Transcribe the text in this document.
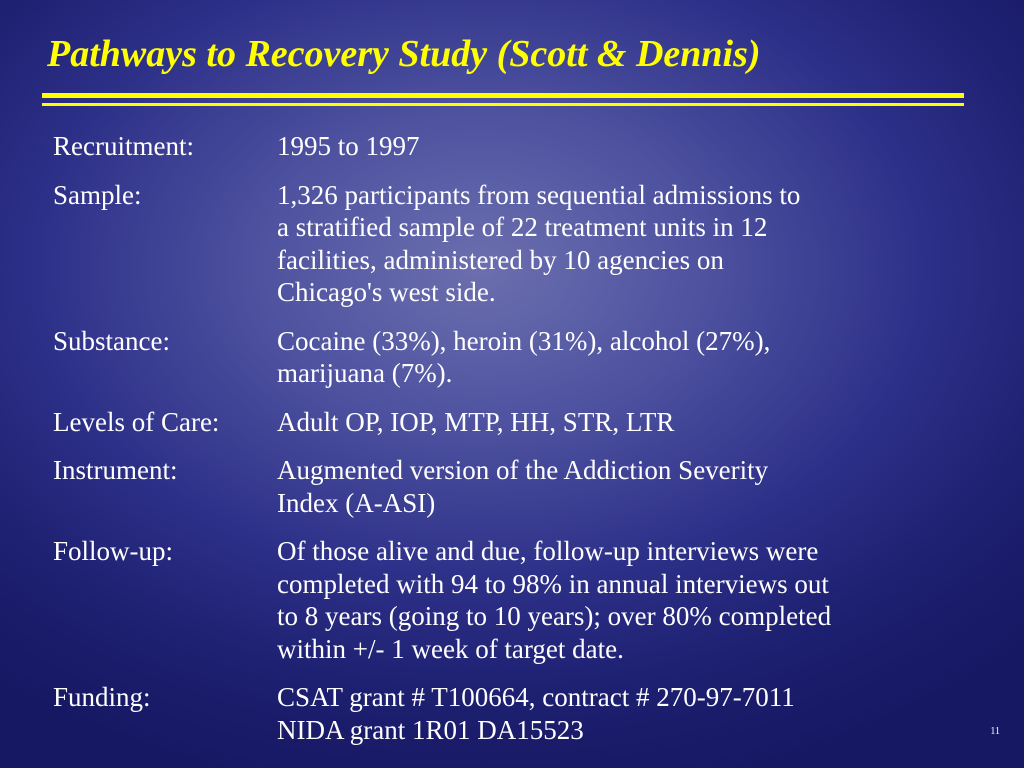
Pathways to Recovery Study (Scott & Dennis)
Recruitment:	1995 to 1997
Sample:	1,326 participants from sequential admissions to
a stratified sample of 22 treatment units in 12
facilities, administered by 10 agencies on
Chicago's west side.
Substance:	Cocaine (33%), heroin (31%), alcohol (27%),
marijuana (7%).
Levels of Care:	Adult OP, IOP, MTP, HH, STR, LTR
Instrument:	Augmented version of the Addiction Severity
Index (A-ASI)
Follow-up:	Of those alive and due, follow-up interviews were
completed with 94 to 98% in annual interviews out
to 8 years (going to 10 years); over 80% completed
within +/- 1 week of target date.
Funding:	CSAT grant # T100664, contract # 270-97-7011
NIDA grant 1R01 DA15523	11
